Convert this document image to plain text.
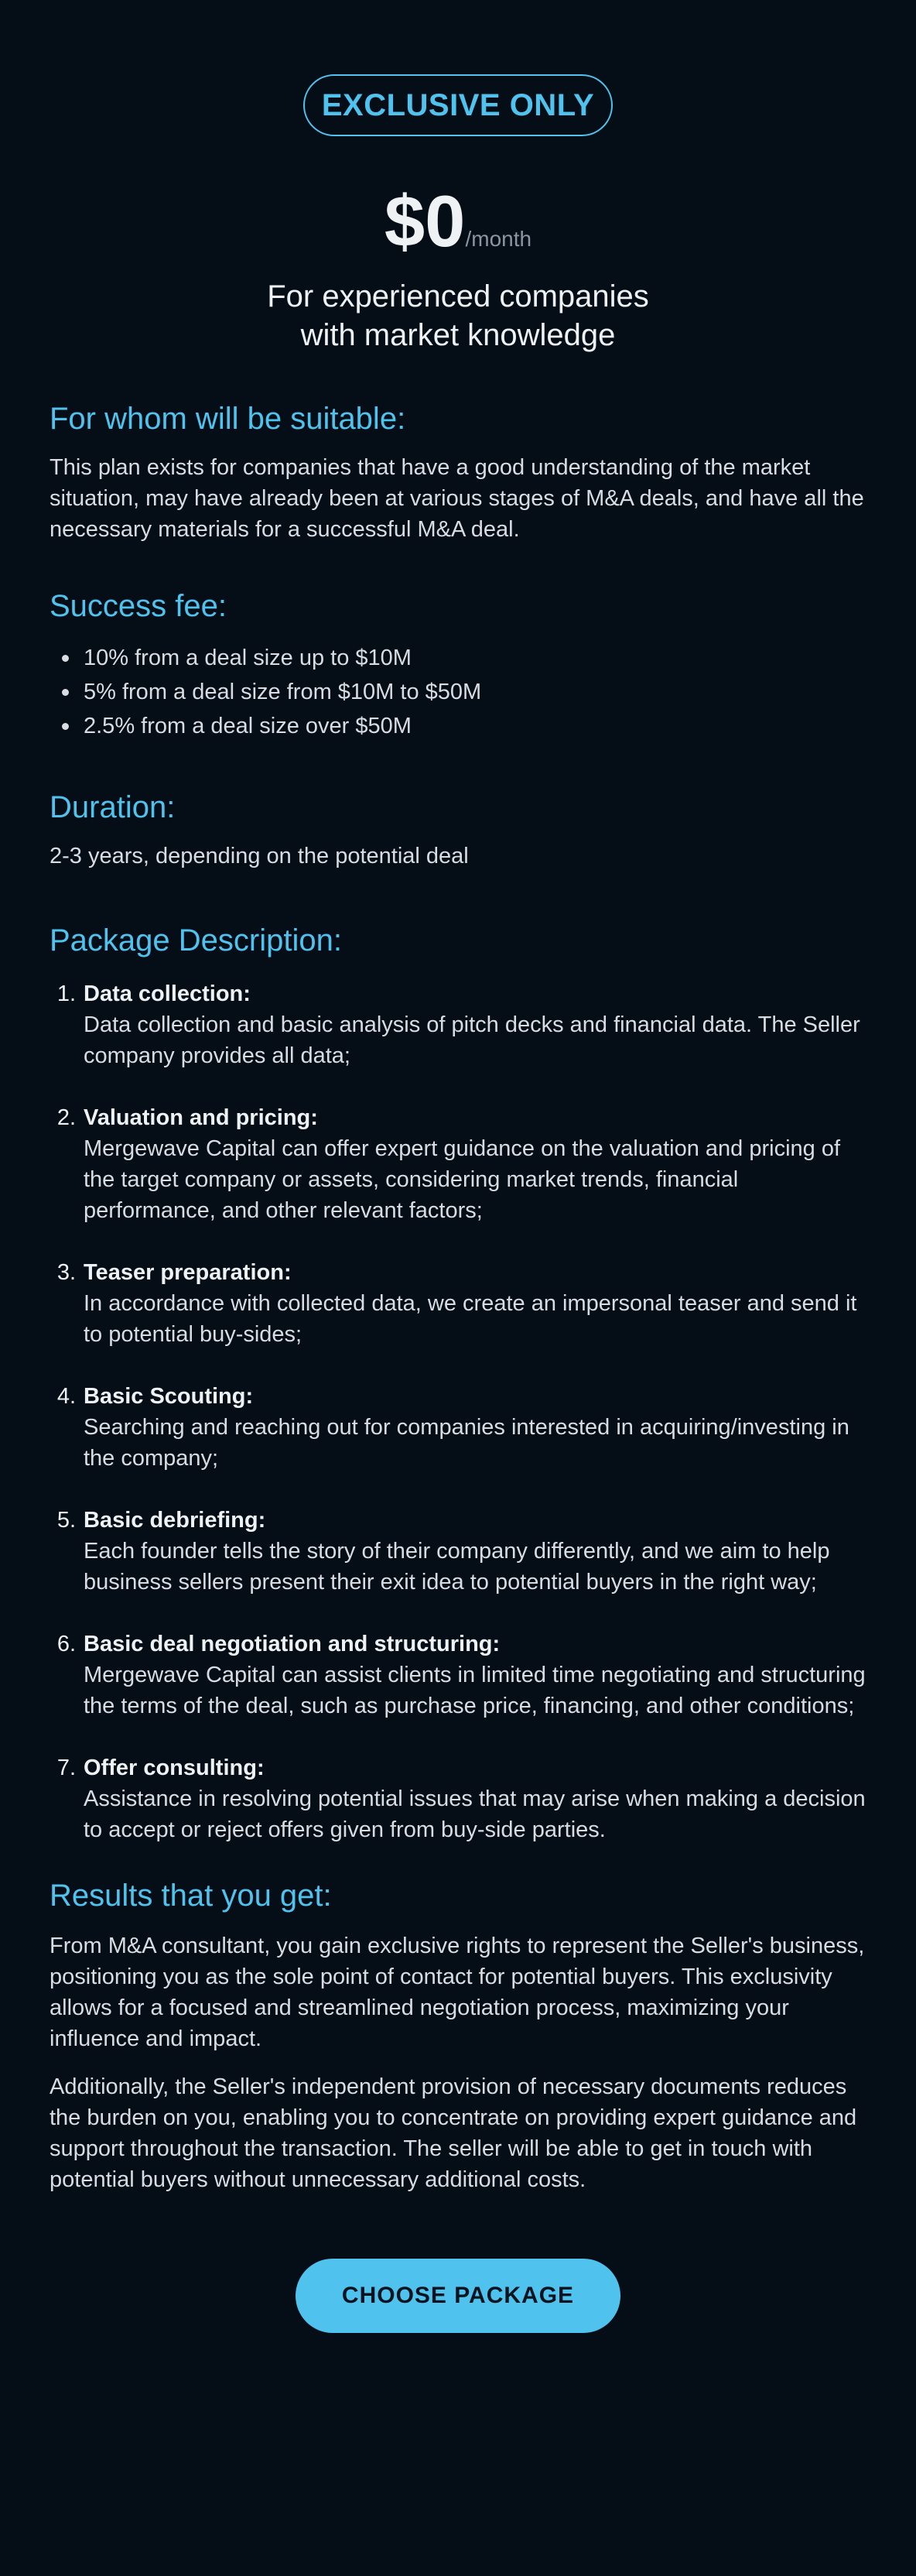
EXCLUSIVE ONLY
$0/month
For experienced companies
with market knowledge
For whom will be suitable:

This plan exists for companies that have a good understanding of the market situation, may have already been at various stages of M&A deals, and have all the necessary materials for a successful M&A deal.

Success fee:
10% from a deal size up to $10M
5% from a deal size from $10M to $50M
2.5% from a deal size over $50M
Duration:

2-3 years, depending on the potential deal

Package Description:
1. Data collection:
Data collection and basic analysis of pitch decks and financial data. The Seller company provides all data;
2. Valuation and pricing:
Mergewave Capital can offer expert guidance on the valuation and pricing of the target company or assets, considering market trends, financial performance, and other relevant factors;
3. Teaser preparation:
In accordance with collected data, we create an impersonal teaser and send it to potential buy-sides;
4. Basic Scouting:
Searching and reaching out for companies interested in acquiring/investing in the company;
5. Basic debriefing:
Each founder tells the story of their company differently, and we aim to help business sellers present their exit idea to potential buyers in the right way;
6. Basic deal negotiation and structuring:
Mergewave Capital can assist clients in limited time negotiating and structuring the terms of the deal, such as purchase price, financing, and other conditions;
7. Offer consulting:
Assistance in resolving potential issues that may arise when making a decision to accept or reject offers given from buy-side parties.
Results that you get:

From M&A consultant, you gain exclusive rights to represent the Seller's business, positioning you as the sole point of contact for potential buyers. This exclusivity allows for a focused and streamlined negotiation process, maximizing your influence and impact.

Additionally, the Seller's independent provision of necessary documents reduces the burden on you, enabling you to concentrate on providing expert guidance and support throughout the transaction. The seller will be able to get in touch with potential buyers without unnecessary additional costs.

CHOOSE PACKAGE
